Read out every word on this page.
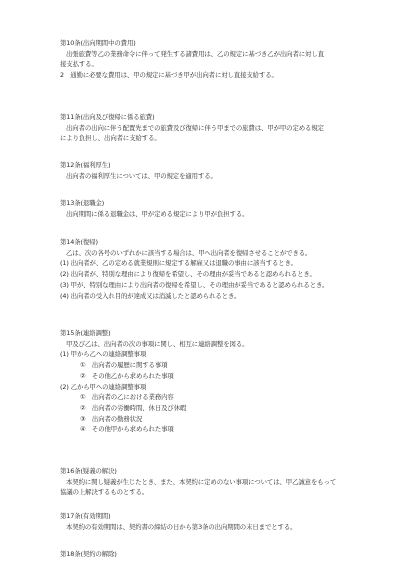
第10条(出向期間中の費用)
出張旅費等乙の業務命令に伴って発生する諸費用は、乙の規定に基づき乙が出向者に対し直
接支払する。
2　通勤に必要な費用は、甲の規定に基づき甲が出向者に対し直接支給する。
第11条(出向及び復帰に係る旅費)
出向者の出向に伴う配置先までの旅費及び復帰に伴う甲までの旅費は、甲が甲の定める規定
により負担し、出向者に支給する。
第12条(福利厚生)
出向者の福利厚生については、甲の規定を適用する。
第13条(退職金)
出向期間に係る退職金は、甲が定める規定により甲が負担する。
第14条(復帰)
乙は、次の各号のいずれかに該当する場合は、甲へ出向者を復帰させることができる。
(1) 出向者が、乙の定める就業規則に規定する解雇又は退職の事由に該当するとき。
(2) 出向者が、特別な理由により復帰を希望し、その理由が妥当であると認められるとき。
(3) 甲が、特別な理由により出向者の復帰を希望し、その理由が妥当であると認められるとき。
(4) 出向者の受入れ目的が達成又は消滅したと認められるとき。
第15条(連絡調整)
甲及び乙は、出向者の次の事項に関し、相互に連絡調整を図る。
(1) 甲から乙への連絡調整事項
①　出向者の履歴に関する事項
②　その他乙から求められた事項
(2) 乙から甲への連絡調整事項
①　出向者の乙における業務内容
②　出向者の労働時間、休日及び休暇
③　出向者の勤務状況
④　その他甲から求められた事項
第16条(疑義の解決)
本契約に関し疑義が生じたとき、また、本契約に定めのない事項については、甲乙誠意をもって
協議の上解決するものとする。
第17条(有効期間)
本契約の有効期間は、契約書の締結の日から第3条の出向期間の末日までとする。
第18条(契約の解除)
